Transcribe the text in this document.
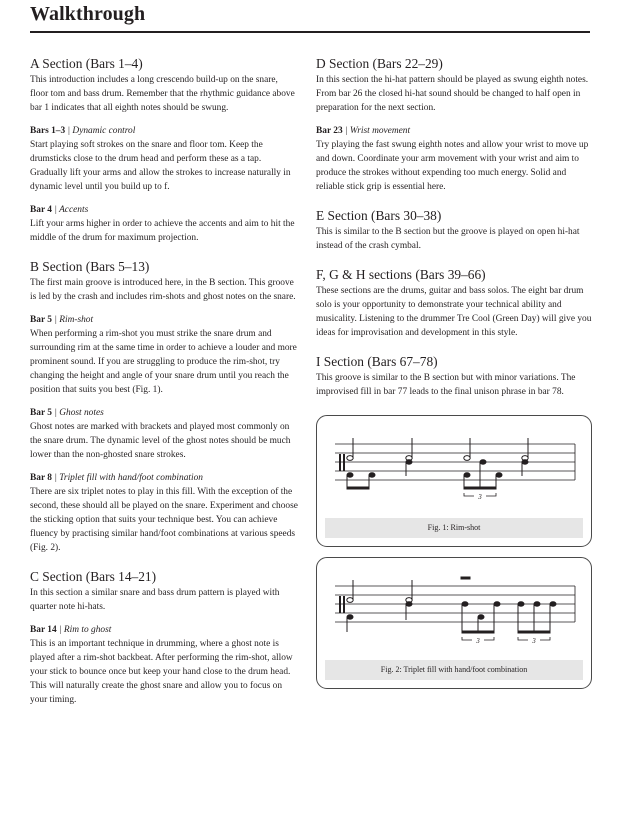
Walkthrough
A Section (Bars 1–4)

This introduction includes a long crescendo build-up on the snare, floor tom and bass drum. Remember that the rhythmic guidance above bar 1 indicates that all eighth notes should be swung.

Bars 1–3 | Dynamic control

Start playing soft strokes on the snare and floor tom. Keep the drumsticks close to the drum head and perform these as a tap. Gradually lift your arms and allow the strokes to increase naturally in dynamic level until you build up to f.

Bar 4 | Accents

Lift your arms higher in order to achieve the accents and aim to hit the middle of the drum for maximum projection.

B Section (Bars 5–13)

The first main groove is introduced here, in the B section. This groove is led by the crash and includes rim-shots and ghost notes on the snare.

Bar 5 | Rim-shot

When performing a rim-shot you must strike the snare drum and surrounding rim at the same time in order to achieve a louder and more prominent sound. If you are struggling to produce the rim-shot, try changing the height and angle of your snare drum until you reach the position that suits you best (Fig. 1).

Bar 5 | Ghost notes

Ghost notes are marked with brackets and played most commonly on the snare drum. The dynamic level of the ghost notes should be much lower than the non-ghosted snare strokes.

Bar 8 | Triplet fill with hand/foot combination

There are six triplet notes to play in this fill. With the exception of the second, these should all be played on the snare. Experiment and choose the sticking option that suits your technique best. You can achieve fluency by practising similar hand/foot combinations at various speeds (Fig. 2).

C Section (Bars 14–21)

In this section a similar snare and bass drum pattern is played with quarter note hi-hats.

Bar 14 | Rim to ghost

This is an important technique in drumming, where a ghost note is played after a rim-shot backbeat. After performing the rim-shot, allow your stick to bounce once but keep your hand close to the drum head. This will naturally create the ghost snare and allow you to focus on your timing.

D Section (Bars 22–29)

In this section the hi-hat pattern should be played as swung eighth notes. From bar 26 the closed hi-hat sound should be changed to half open in preparation for the next section.

Bar 23 | Wrist movement

Try playing the fast swung eighth notes and allow your wrist to move up and down. Coordinate your arm movement with your wrist and aim to produce the strokes without expending too much energy. Solid and reliable stick grip is essential here.

E Section (Bars 30–38)

This is similar to the B section but the groove is played on open hi-hat instead of the crash cymbal.

F, G & H sections (Bars 39–66)

These sections are the drums, guitar and bass solos. The eight bar drum solo is your opportunity to demonstrate your technical ability and musicality. Listening to the drummer Tre Cool (Green Day) will give you ideas for improvisation and development in this style.

I Section (Bars 67–78)

This groove is similar to the B section but with minor variations. The improvised fill in bar 77 leads to the final unison phrase in bar 78.

3
Fig. 1: Rim-shot
3	3
Fig. 2: Triplet fill with hand/foot combination
